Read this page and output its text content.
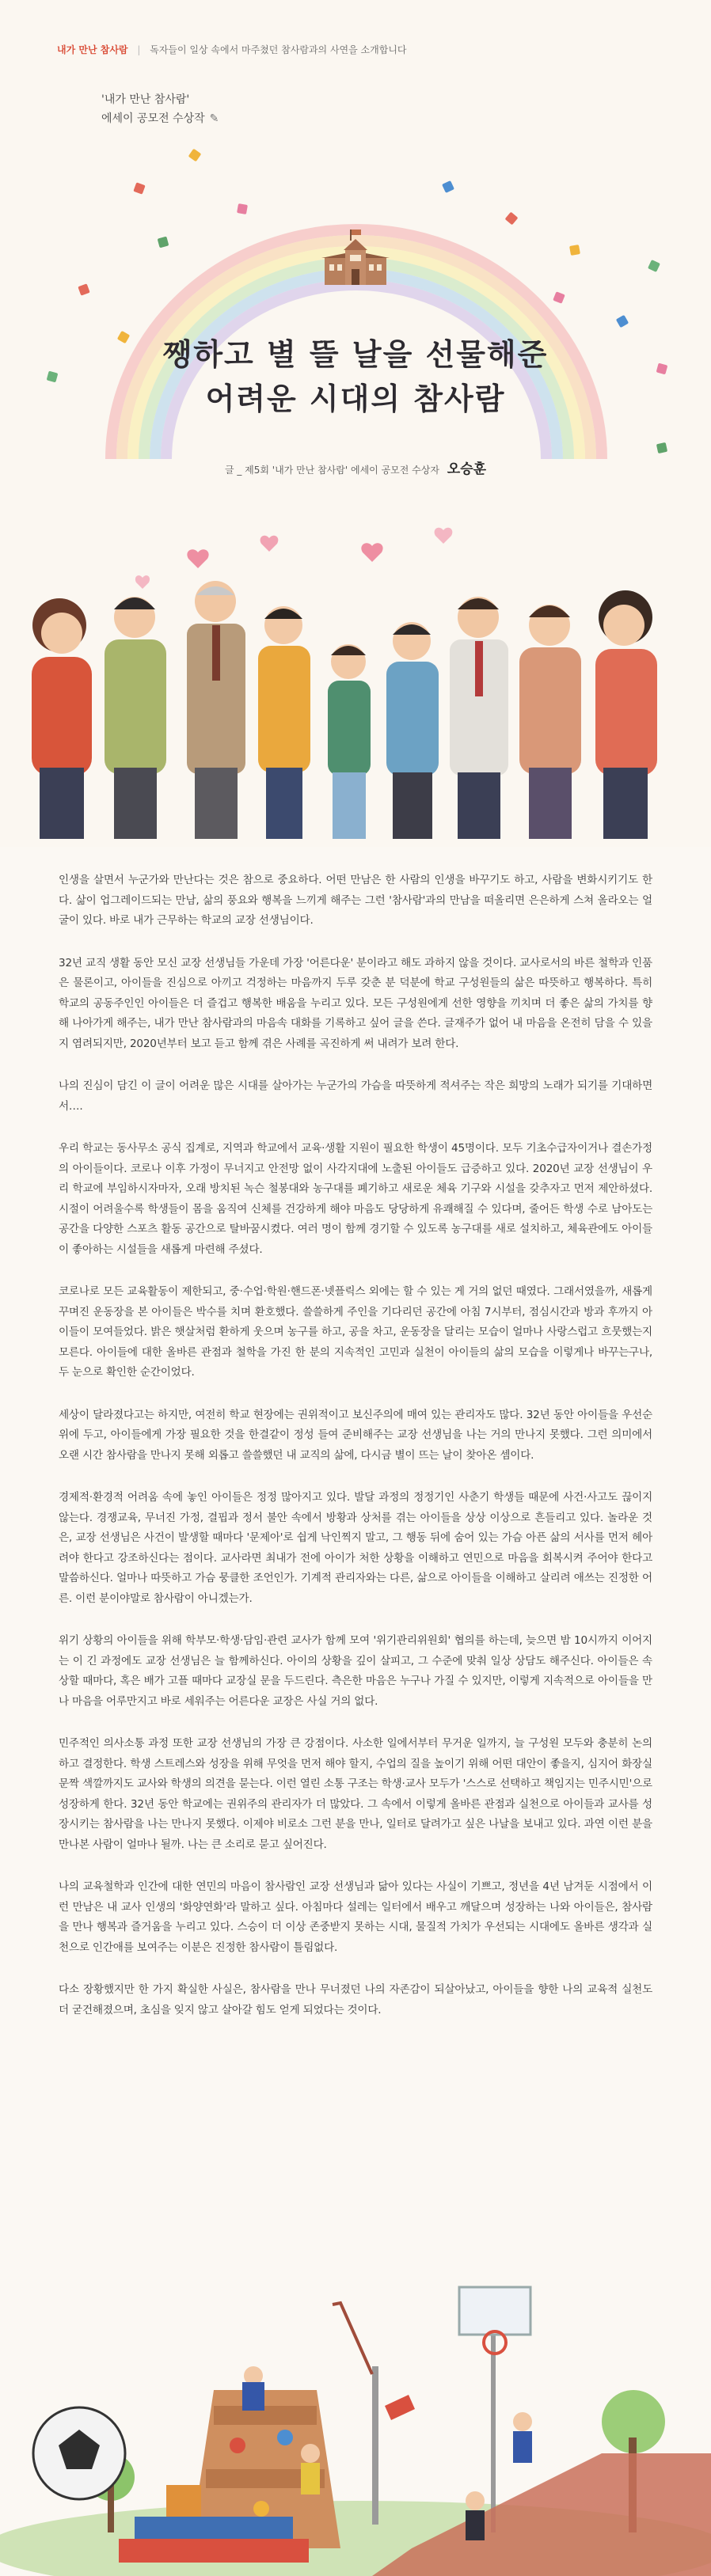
내가 만난 참사람 | 독자들이 일상 속에서 마주쳤던 참사람과의 사연을 소개합니다
'내가 만난 참사람'
에세이 공모전 수상작 ✎
쨍하고 별 뜰 날을 선물해준
어려운 시대의 참사람
글 _ 제5회 '내가 만난 참사람' 에세이 공모전 수상자 오승훈

인생을 살면서 누군가와 만난다는 것은 참으로 중요하다. 어떤 만남은 한 사람의 인생을 바꾸기도 하고, 사람을 변화시키기도 한다. 삶이 업그레이드되는 만남, 삶의 풍요와 행복을 느끼게 해주는 그런 '참사람'과의 만남을 떠올리면 은은하게 스쳐 올라오는 얼굴이 있다. 바로 내가 근무하는 학교의 교장 선생님이다.

32년 교직 생활 동안 모신 교장 선생님들 가운데 가장 '어른다운' 분이라고 해도 과하지 않을 것이다. 교사로서의 바른 철학과 인품은 물론이고, 아이들을 진심으로 아끼고 걱정하는 마음까지 두루 갖춘 분 덕분에 학교 구성원들의 삶은 따뜻하고 행복하다. 특히 학교의 공동주인인 아이들은 더 즐겁고 행복한 배움을 누리고 있다. 모든 구성원에게 선한 영향을 끼치며 더 좋은 삶의 가치를 향해 나아가게 해주는, 내가 만난 참사람과의 마음속 대화를 기록하고 싶어 글을 쓴다. 글재주가 없어 내 마음을 온전히 담을 수 있을지 염려되지만, 2020년부터 보고 듣고 함께 겪은 사례를 곡진하게 써 내려가 보려 한다.

나의 진심이 담긴 이 글이 어려운 많은 시대를 살아가는 누군가의 가슴을 따뜻하게 적셔주는 작은 희망의 노래가 되기를 기대하면서….

우리 학교는 동사무소 공식 집계로, 지역과 학교에서 교육·생활 지원이 필요한 학생이 45명이다. 모두 기초수급자이거나 결손가정의 아이들이다. 코로나 이후 가정이 무너지고 안전망 없이 사각지대에 노출된 아이들도 급증하고 있다. 2020년 교장 선생님이 우리 학교에 부임하시자마자, 오래 방치된 녹슨 철봉대와 농구대를 폐기하고 새로운 체육 기구와 시설을 갖추자고 먼저 제안하셨다. 시절이 어려울수록 학생들이 몸을 움직여 신체를 건강하게 해야 마음도 당당하게 유쾌해질 수 있다며, 줄어든 학생 수로 남아도는 공간을 다양한 스포츠 활동 공간으로 탈바꿈시켰다. 여러 명이 함께 경기할 수 있도록 농구대를 새로 설치하고, 체육관에도 아이들이 좋아하는 시설들을 새롭게 마련해 주셨다.

코로나로 모든 교육활동이 제한되고, 중·수업·학원·핸드폰·넷플릭스 외에는 할 수 있는 게 거의 없던 때였다. 그래서였을까, 새롭게 꾸며진 운동장을 본 아이들은 박수를 치며 환호했다. 쓸쓸하게 주인을 기다리던 공간에 아침 7시부터, 점심시간과 방과 후까지 아이들이 모여들었다. 밝은 햇살처럼 환하게 웃으며 농구를 하고, 공을 차고, 운동장을 달리는 모습이 얼마나 사랑스럽고 흐뭇했는지 모른다. 아이들에 대한 올바른 관점과 철학을 가진 한 분의 지속적인 고민과 실천이 아이들의 삶의 모습을 이렇게나 바꾸는구나, 두 눈으로 확인한 순간이었다.

세상이 달라졌다고는 하지만, 여전히 학교 현장에는 권위적이고 보신주의에 매여 있는 관리자도 많다. 32년 동안 아이들을 우선순위에 두고, 아이들에게 가장 필요한 것을 한결같이 정성 들여 준비해주는 교장 선생님을 나는 거의 만나지 못했다. 그런 의미에서 오랜 시간 참사람을 만나지 못해 외롭고 쓸쓸했던 내 교직의 삶에, 다시금 별이 뜨는 날이 찾아온 셈이다.

경제적·환경적 어려움 속에 놓인 아이들은 정정 많아지고 있다. 발달 과정의 정정기인 사춘기 학생들 때문에 사건·사고도 끊이지 않는다. 경쟁교육, 무너진 가정, 결핍과 정서 불안 속에서 방황과 상처를 겪는 아이들을 상상 이상으로 흔들리고 있다. 놀라운 것은, 교장 선생님은 사건이 발생할 때마다 '문제아'로 쉽게 낙인찍지 말고, 그 행동 뒤에 숨어 있는 가슴 아픈 삶의 서사를 먼저 헤아려야 한다고 강조하신다는 점이다. 교사라면 최내가 전에 아이가 처한 상황을 이해하고 연민으로 마음을 회복시켜 주어야 한다고 말씀하신다. 얼마나 따뜻하고 가슴 뭉클한 조언인가. 기계적 관리자와는 다른, 삶으로 아이들을 이해하고 살리려 애쓰는 진정한 어른. 이런 분이야말로 참사람이 아니겠는가.

위기 상황의 아이들을 위해 학부모·학생·담임·관련 교사가 함께 모여 '위기관리위원회' 협의를 하는데, 늦으면 밤 10시까지 이어지는 이 긴 과정에도 교장 선생님은 늘 함께하신다. 아이의 상황을 깊이 살피고, 그 수준에 맞춰 일상 상담도 해주신다. 아이들은 속상할 때마다, 혹은 배가 고플 때마다 교장실 문을 두드린다. 측은한 마음은 누구나 가질 수 있지만, 이렇게 지속적으로 아이들을 만나 마음을 어루만지고 바로 세워주는 어른다운 교장은 사실 거의 없다.

민주적인 의사소통 과정 또한 교장 선생님의 가장 큰 강점이다. 사소한 일에서부터 무거운 일까지, 늘 구성원 모두와 충분히 논의하고 결정한다. 학생 스트레스와 성장을 위해 무엇을 먼저 해야 할지, 수업의 질을 높이기 위해 어떤 대안이 좋을지, 심지어 화장실 문짝 색깔까지도 교사와 학생의 의견을 묻는다. 이런 열린 소통 구조는 학생·교사 모두가 '스스로 선택하고 책임지는 민주시민'으로 성장하게 한다. 32년 동안 학교에는 권위주의 관리자가 더 많았다. 그 속에서 이렇게 올바른 관점과 실천으로 아이들과 교사를 성장시키는 참사람을 나는 만나지 못했다. 이제야 비로소 그런 분을 만나, 일터로 달려가고 싶은 나날을 보내고 있다. 과연 이런 분을 만나본 사람이 얼마나 될까. 나는 큰 소리로 묻고 싶어진다.

나의 교육철학과 인간에 대한 연민의 마음이 참사람인 교장 선생님과 닮아 있다는 사실이 기쁘고, 정년을 4년 남겨둔 시점에서 이런 만남은 내 교사 인생의 '화양연화'라 말하고 싶다. 아침마다 설레는 일터에서 배우고 깨달으며 성장하는 나와 아이들은, 참사람을 만나 행복과 즐거움을 누리고 있다. 스승이 더 이상 존중받지 못하는 시대, 물질적 가치가 우선되는 시대에도 올바른 생각과 실천으로 인간애를 보여주는 이분은 진정한 참사람이 틀림없다.

다소 장황했지만 한 가지 확실한 사실은, 참사람을 만나 무너졌던 나의 자존감이 되살아났고, 아이들을 향한 나의 교육적 실천도 더 굳건해졌으며, 초심을 잊지 않고 살아갈 힘도 얻게 되었다는 것이다.
